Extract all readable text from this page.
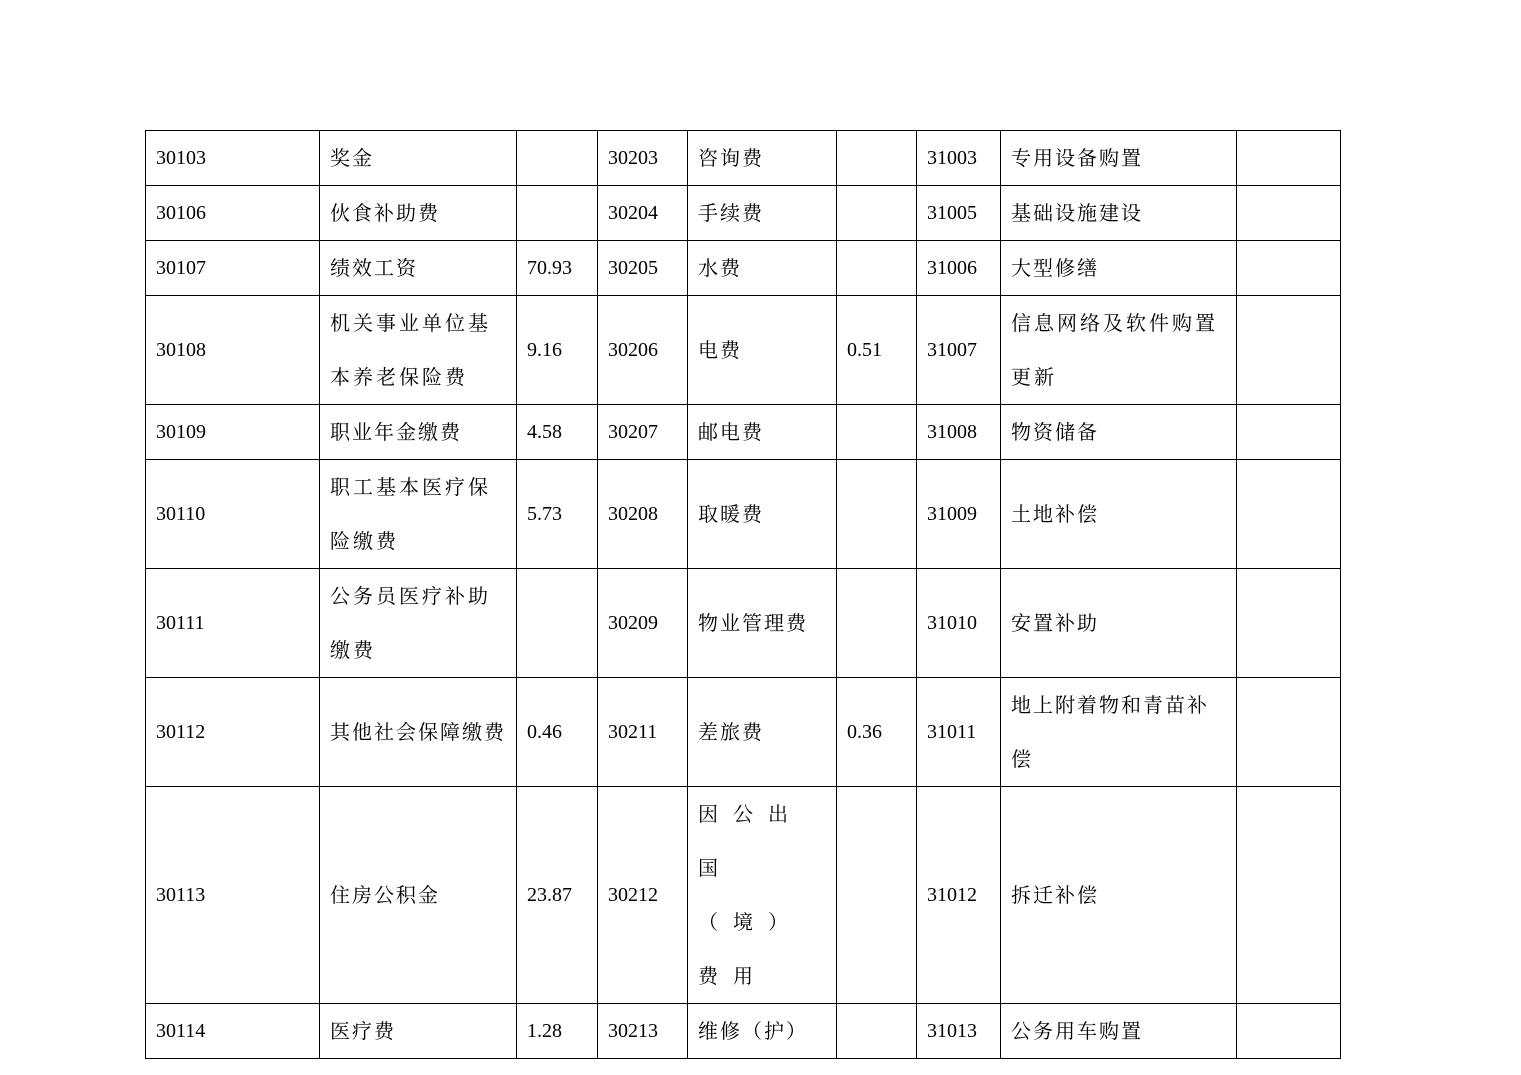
30103	奖金		30203	咨询费		31003	专用设备购置	
30106	伙食补助费		30204	手续费		31005	基础设施建设	
30107	绩效工资	70.93	30205	水费		31006	大型修缮	
30108	机关事业单位基本养老保险费	9.16	30206	电费	0.51	31007	信息网络及软件购置更新	
30109	职业年金缴费	4.58	30207	邮电费		31008	物资储备	
30110	职工基本医疗保险缴费	5.73	30208	取暖费		31009	土地补偿	
30111	公务员医疗补助缴费		30209	物业管理费		31010	安置补助	
30112	其他社会保障缴费	0.46	30211	差旅费	0.36	31011	地上附着物和青苗补偿	
30113	住房公积金	23.87	30212	因公出国（境）费用		31012	拆迁补偿	
30114	医疗费	1.28	30213	维修（护）		31013	公务用车购置	
